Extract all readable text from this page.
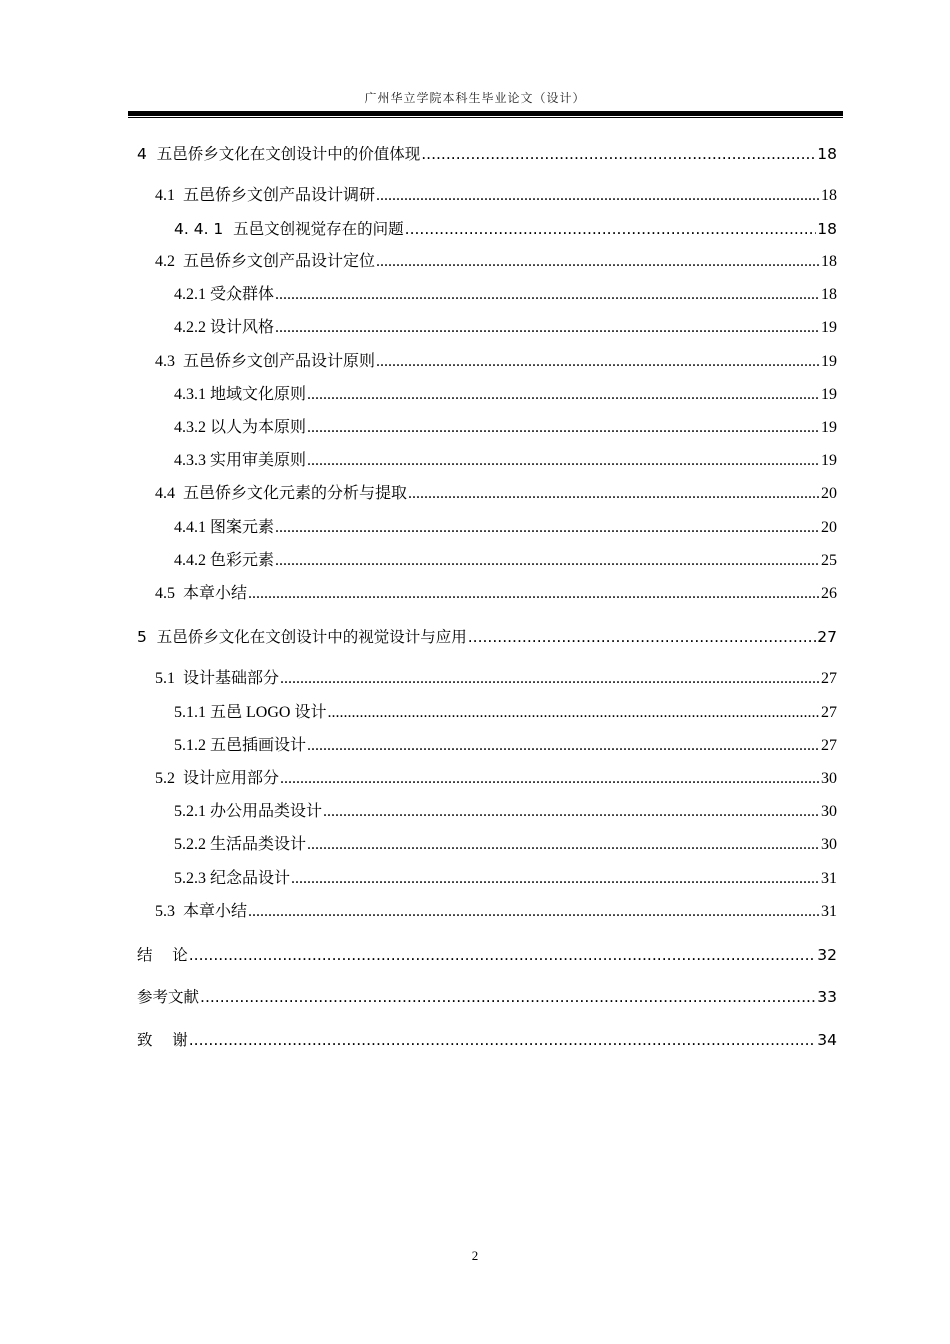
广州华立学院本科生毕业论文（设计）
4  五邑侨乡文化在文创设计中的价值体现 .....	18
4.1  五邑侨乡文创产品设计调研 .....	18
4. 4. 1  五邑文创视觉存在的问题 .....	18
4.2  五邑侨乡文创产品设计定位 .....	18
4.2.1 受众群体 .....	18
4.2.2 设计风格 .....	19
4.3  五邑侨乡文创产品设计原则 .....	19
4.3.1 地域文化原则 .....	19
4.3.2 以人为本原则 .....	19
4.3.3 实用审美原则 .....	19
4.4  五邑侨乡文化元素的分析与提取 .....	20
4.4.1 图案元素 .....	20
4.4.2 色彩元素 .....	25
4.5  本章小结 .....	26
5  五邑侨乡文化在文创设计中的视觉设计与应用 .....	27
5.1  设计基础部分 .....	27
5.1.1 五邑 LOGO 设计 .....	27
5.1.2 五邑插画设计 .....	27
5.2  设计应用部分 .....	30
5.2.1 办公用品类设计 .....	30
5.2.2 生活品类设计 .....	30
5.2.3 纪念品设计 .....	31
5.3  本章小结 .....	31
结    论 .....	32
参考文献 .....	33
致    谢 .....	34
2
